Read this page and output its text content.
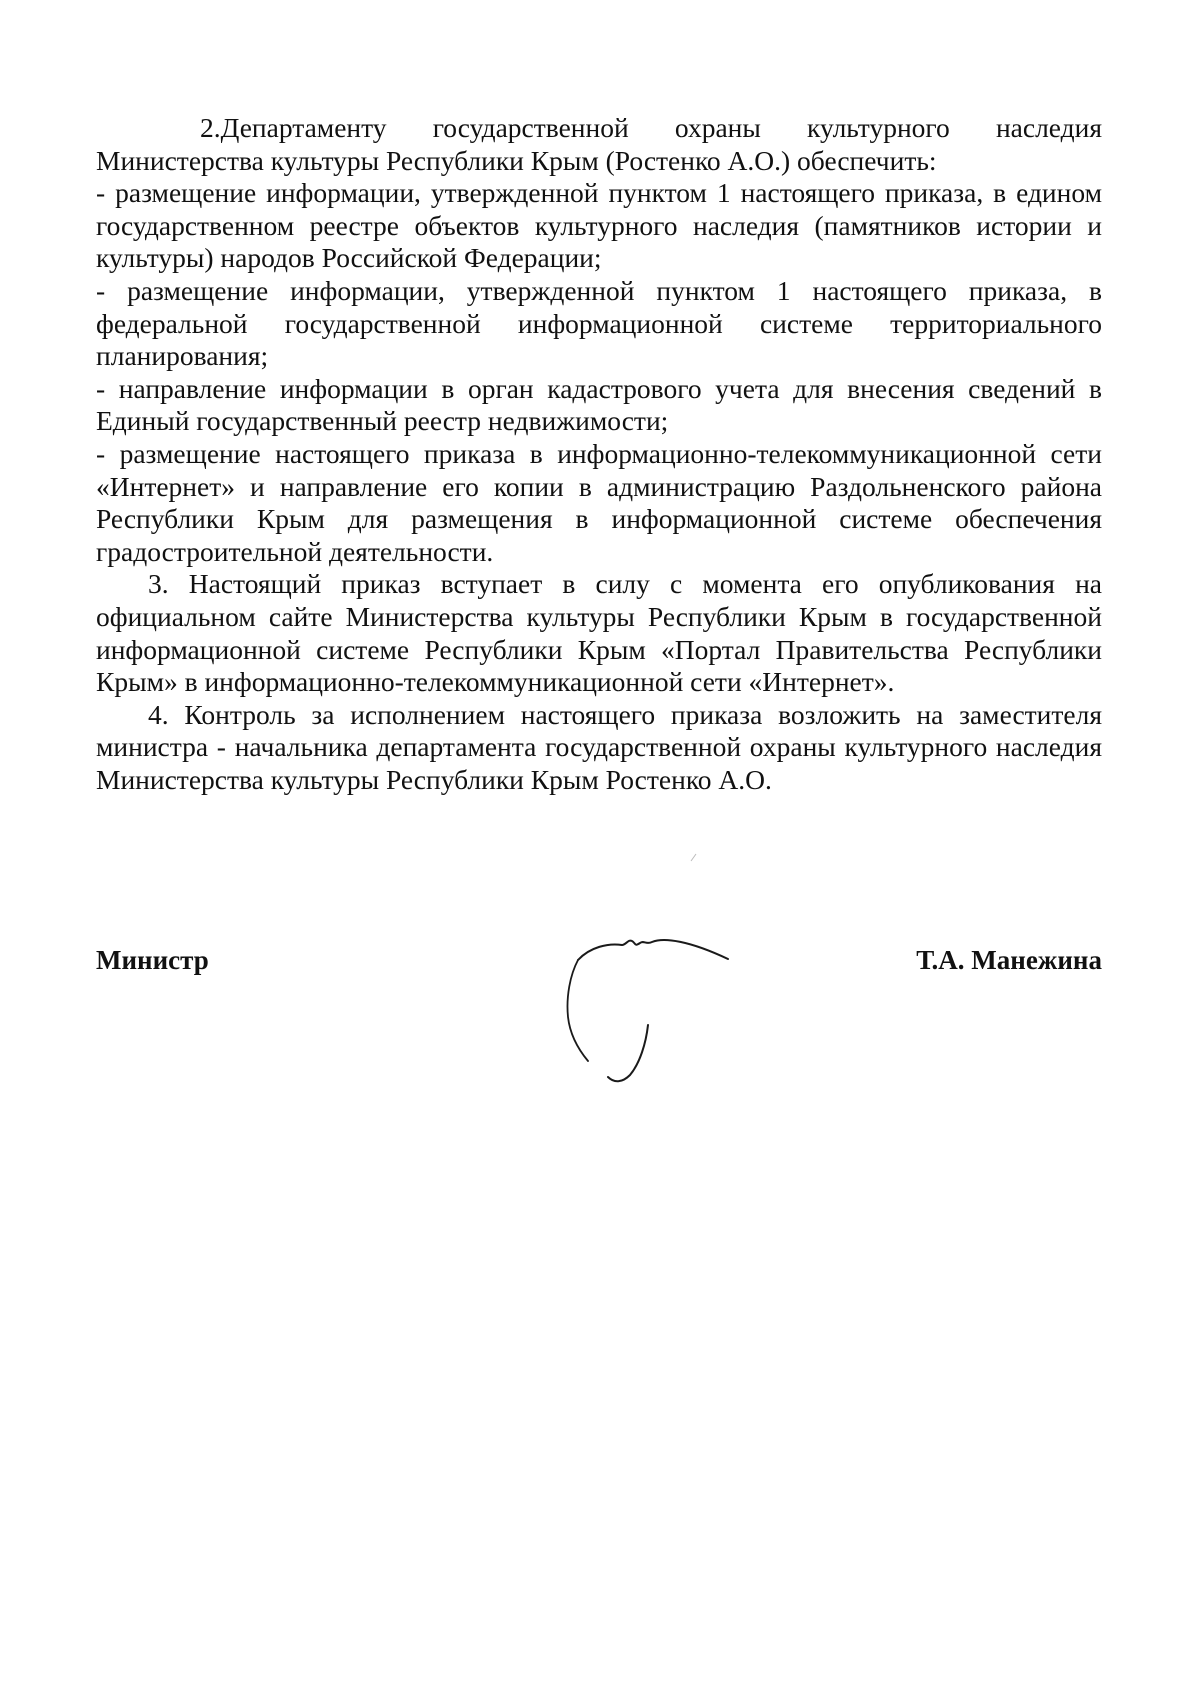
2.Департаменту государственной охраны культурного наследия Министерства культуры Республики Крым (Ростенко А.О.) обеспечить:

- размещение информации, утвержденной пунктом 1 настоящего приказа, в едином государственном реестре объектов культурного наследия (памятников истории и культуры) народов Российской Федерации;

- размещение информации, утвержденной пунктом 1 настоящего приказа, в федеральной государственной информационной системе территориального планирования;

- направление информации в орган кадастрового учета для внесения сведений в Единый государственный реестр недвижимости;

- размещение настоящего приказа в информационно-телекоммуникационной сети «Интернет» и направление его копии в администрацию Раздольненского района Республики Крым для размещения в информационной системе обеспечения градостроительной деятельности.

3. Настоящий приказ вступает в силу с момента его опубликования на официальном сайте Министерства культуры Республики Крым в государственной информационной системе Республики Крым «Портал Правительства Республики Крым» в информационно-телекоммуникационной сети «Интернет».

4. Контроль за исполнением настоящего приказа возложить на заместителя министра - начальника департамента государственной охраны культурного наследия Министерства культуры Республики Крым Ростенко А.О.

Министр	Т.А. Манежина
